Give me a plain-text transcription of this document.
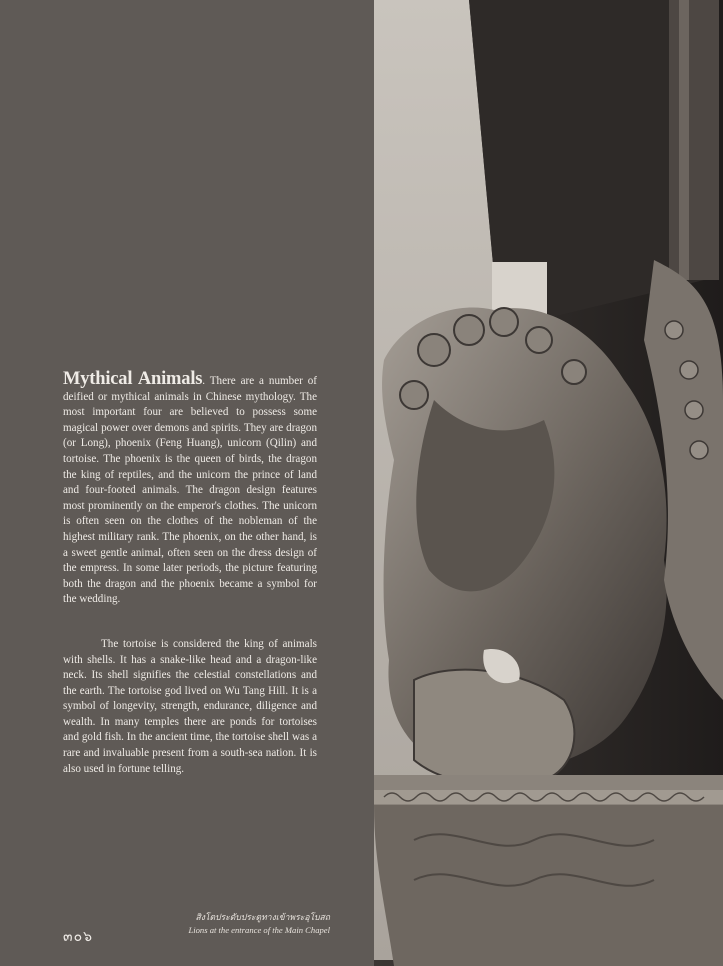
Mythical Animals. There are a number of deified or mythical animals in Chinese mythology. The most important four are believed to possess some magical power over demons and spirits. They are dragon (or Long), phoenix (Feng Huang), unicorn (Qilin) and tortoise. The phoenix is the queen of birds, the dragon the king of reptiles, and the unicorn the prince of land and four-footed animals. The dragon design features most prominently on the emperor's clothes. The unicorn is often seen on the clothes of the nobleman of the highest military rank. The phoenix, on the other hand, is a sweet gentle animal, often seen on the dress design of the empress. In some later periods, the picture featuring both the dragon and the phoenix became a symbol for the wedding.

The tortoise is considered the king of animals with shells. It has a snake-like head and a dragon-like neck. Its shell signifies the celestial constellations and the earth. The tortoise god lived on Wu Tang Hill. It is a symbol of longevity, strength, endurance, diligence and wealth. In many temples there are ponds for tortoises and gold fish. In the ancient time, the tortoise shell was a rare and invaluable present from a south-sea nation. It is also used in fortune telling.

สิงโตประดับประตูทางเข้าพระอุโบสถ
Lions at the entrance of the Main Chapel
๓๐๖
